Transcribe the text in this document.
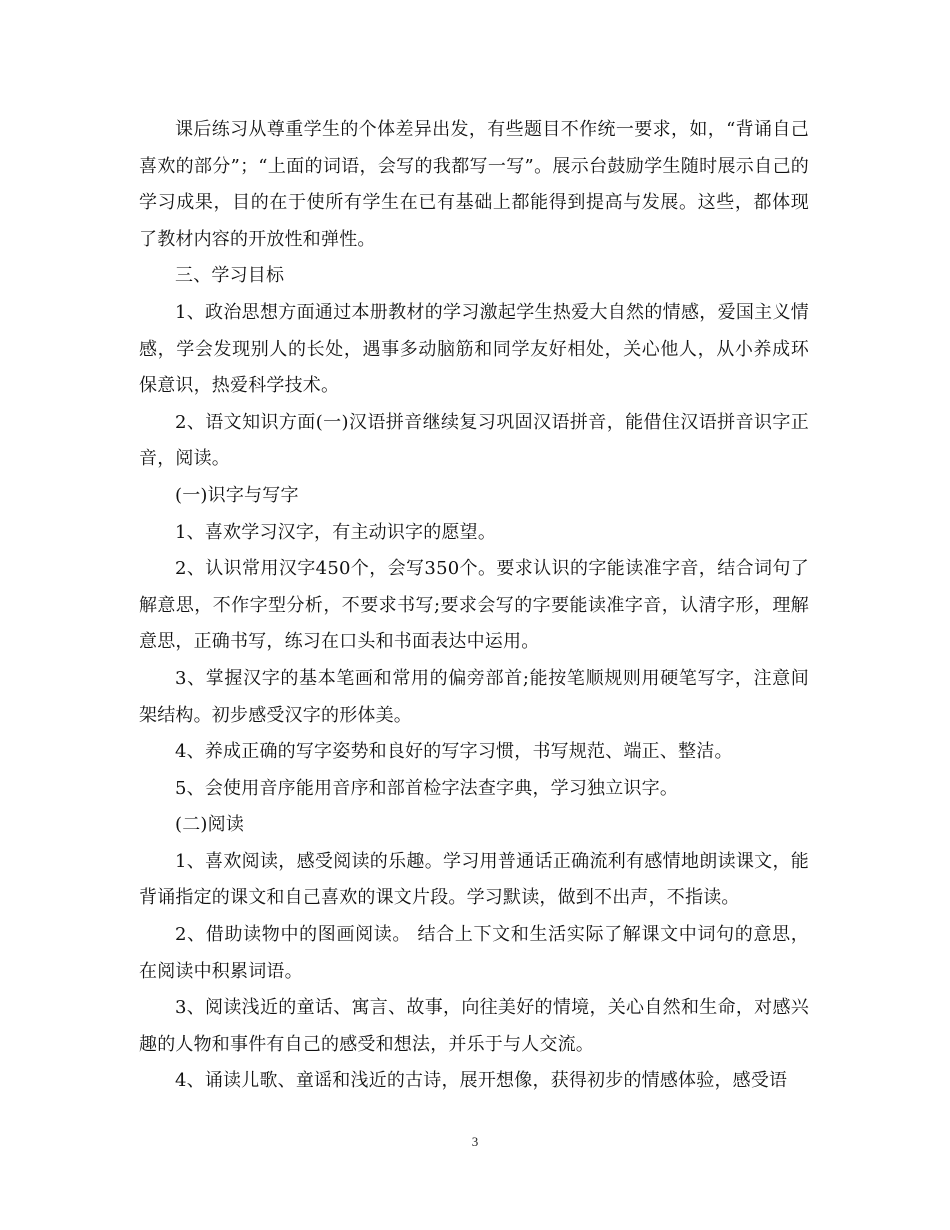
课后练习从尊重学生的个体差异出发，有些题目不作统一要求，如，“背诵自己喜欢的部分”；“上面的词语，会写的我都写一写”。展示台鼓励学生随时展示自己的学习成果，目的在于使所有学生在已有基础上都能得到提高与发展。这些，都体现了教材内容的开放性和弹性。

三、学习目标

1、政治思想方面通过本册教材的学习激起学生热爱大自然的情感，爱国主义情感，学会发现别人的长处，遇事多动脑筋和同学友好相处，关心他人，从小养成环保意识，热爱科学技术。

2、语文知识方面(一)汉语拼音继续复习巩固汉语拼音，能借住汉语拼音识字正音，阅读。

(一)识字与写字

1、喜欢学习汉字，有主动识字的愿望。

2、认识常用汉字450个，会写350个。要求认识的字能读准字音，结合词句了解意思，不作字型分析，不要求书写;要求会写的字要能读准字音，认清字形，理解意思，正确书写，练习在口头和书面表达中运用。

3、掌握汉字的基本笔画和常用的偏旁部首;能按笔顺规则用硬笔写字，注意间架结构。初步感受汉字的形体美。

4、养成正确的写字姿势和良好的写字习惯，书写规范、端正、整洁。

5、会使用音序能用音序和部首检字法查字典，学习独立识字。

(二)阅读

1、喜欢阅读，感受阅读的乐趣。学习用普通话正确流利有感情地朗读课文，能背诵指定的课文和自己喜欢的课文片段。学习默读，做到不出声，不指读。

2、借助读物中的图画阅读。 结合上下文和生活实际了解课文中词句的意思，在阅读中积累词语。

3、阅读浅近的童话、寓言、故事，向往美好的情境，关心自然和生命，对感兴趣的人物和事件有自己的感受和想法，并乐于与人交流。

4、诵读儿歌、童谣和浅近的古诗，展开想像，获得初步的情感体验，感受语

3
